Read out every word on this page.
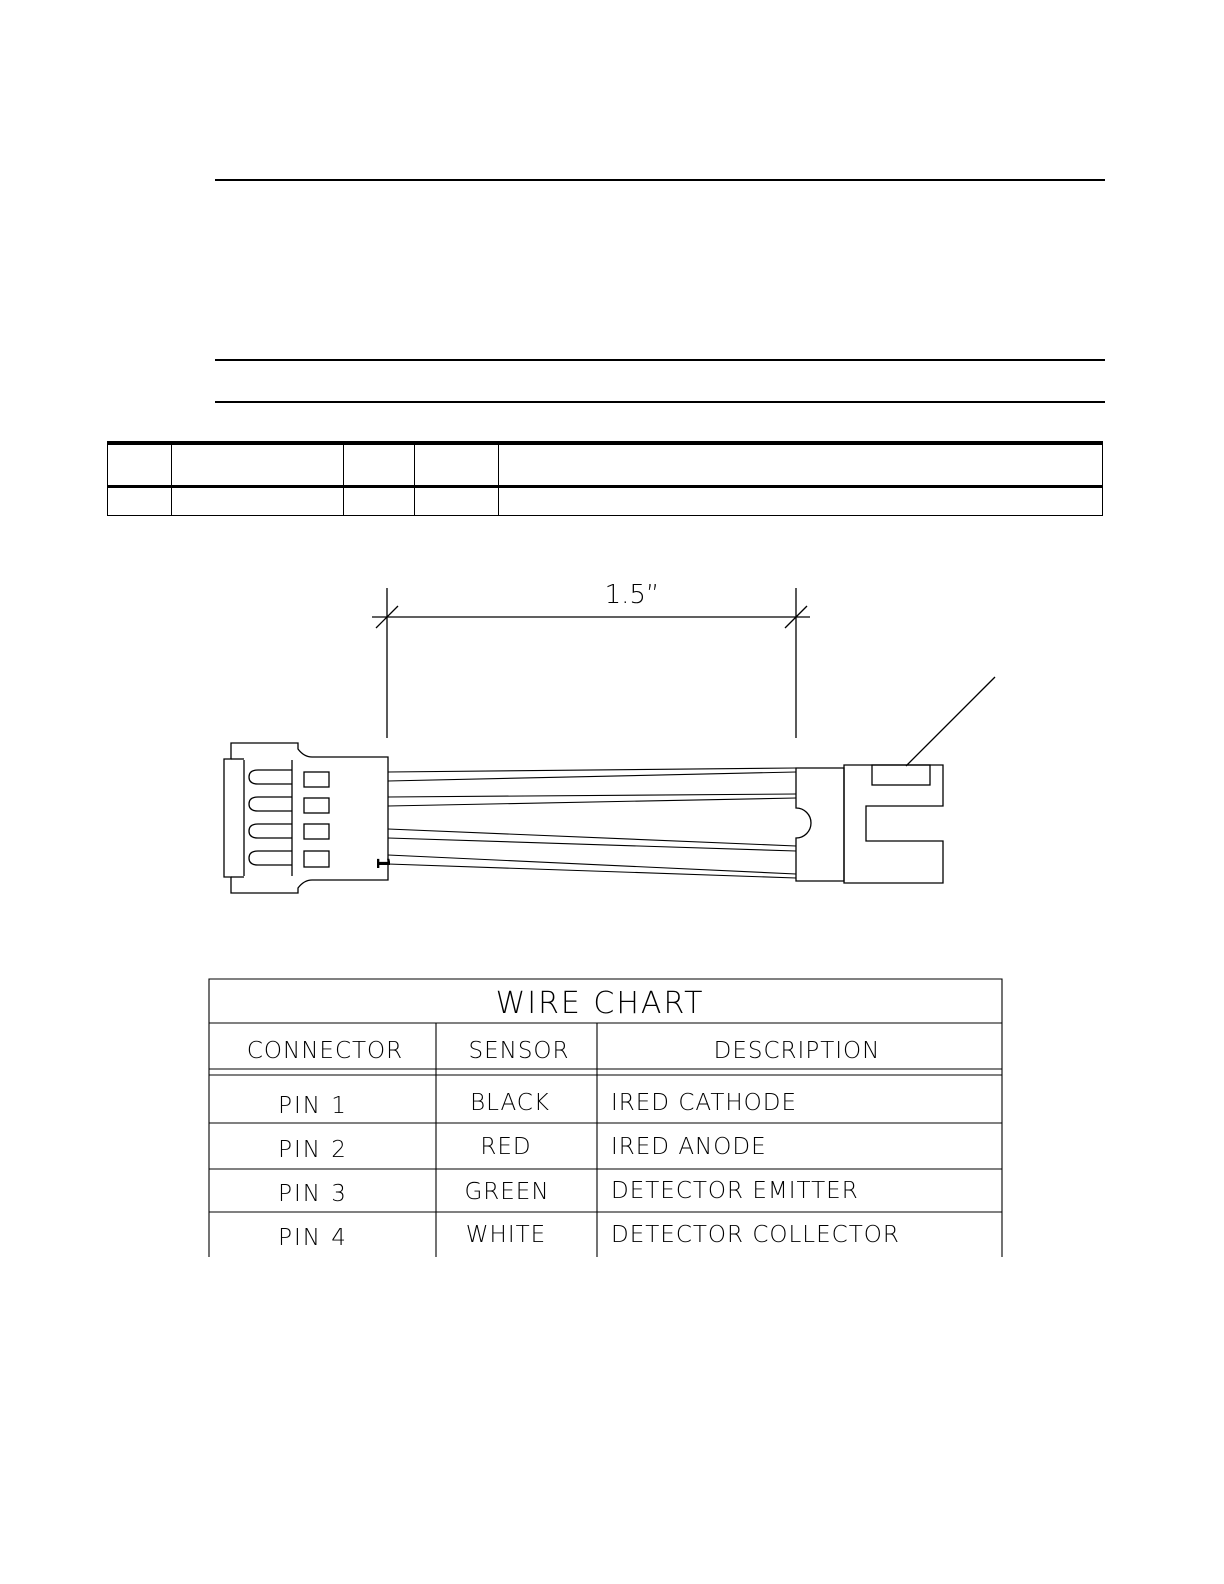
1.5”
1
WIRE CHART
CONNECTOR	SENSOR	DESCRIPTION
PIN 1	BLACK	IRED CATHODE
PIN 2	RED	IRED ANODE
PIN 3	GREEN	DETECTOR EMITTER
PIN 4	WHITE	DETECTOR COLLECTOR
